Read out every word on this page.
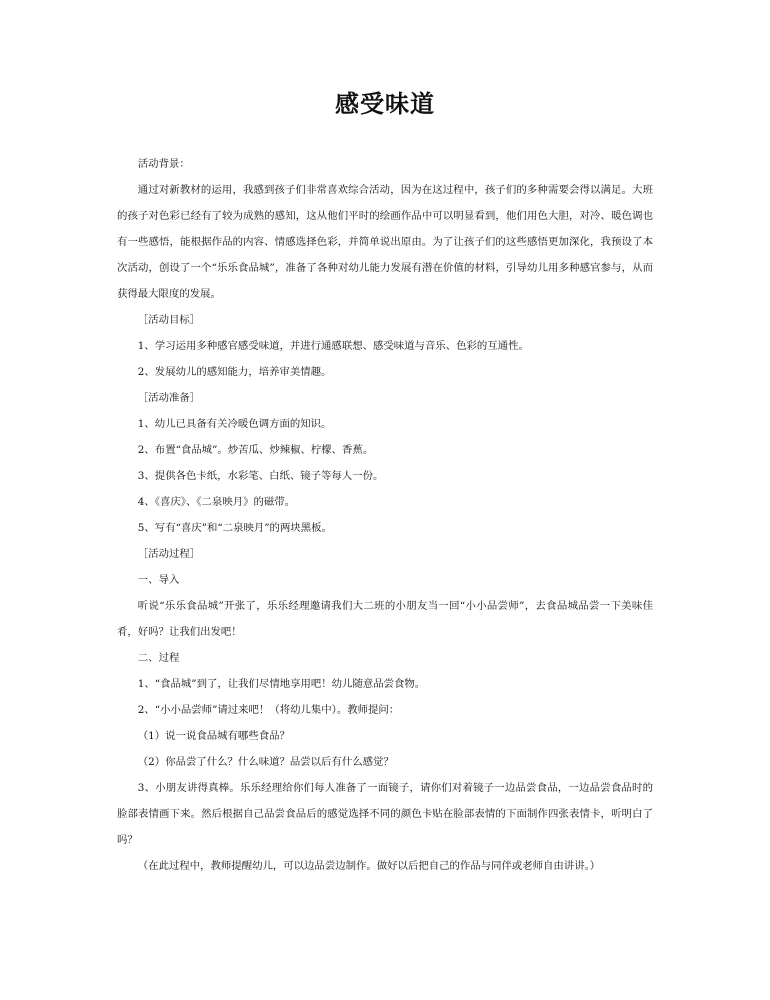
感受味道

活动背景：

通过对新教材的运用，我感到孩子们非常喜欢综合活动，因为在这过程中，孩子们的多种需要会得以满足。大班的孩子对色彩已经有了较为成熟的感知，这从他们平时的绘画作品中可以明显看到，他们用色大胆，对冷、暖色调也有一些感悟，能根据作品的内容、情感选择色彩，并简单说出原由。为了让孩子们的这些感悟更加深化，我预设了本次活动，创设了一个“乐乐食品城”，准备了各种对幼儿能力发展有潜在价值的材料，引导幼儿用多种感官参与，从而获得最大限度的发展。

［活动目标］

1、学习运用多种感官感受味道，并进行通感联想、感受味道与音乐、色彩的互通性。

2、发展幼儿的感知能力，培养审美情趣。

［活动准备］

1、幼儿已具备有关冷暖色调方面的知识。

2、布置“食品城”。炒苦瓜、炒辣椒、柠檬、香蕉。

3、提供各色卡纸，水彩笔、白纸、镜子等每人一份。

4、《喜庆》、《二泉映月》的磁带。

5、写有“喜庆”和“二泉映月”的两块黑板。

［活动过程］

一、导入

听说“乐乐食品城”开张了，乐乐经理邀请我们大二班的小朋友当一回“小小品尝师”，去食品城品尝一下美味佳肴，好吗？让我们出发吧！

二、过程

1、“食品城”到了，让我们尽情地享用吧！幼儿随意品尝食物。

2、“小小品尝师”请过来吧！（将幼儿集中）。教师提问：

（1）说一说食品城有哪些食品？

（2）你品尝了什么？什么味道？品尝以后有什么感觉？

3、小朋友讲得真棒。乐乐经理给你们每人准备了一面镜子，请你们对着镜子一边品尝食品，一边品尝食品时的脸部表情画下来。然后根据自己品尝食品后的感觉选择不同的颜色卡贴在脸部表情的下面制作四张表情卡，听明白了吗？

（在此过程中，教师提醒幼儿，可以边品尝边制作。做好以后把自己的作品与同伴或老师自由讲讲。）
